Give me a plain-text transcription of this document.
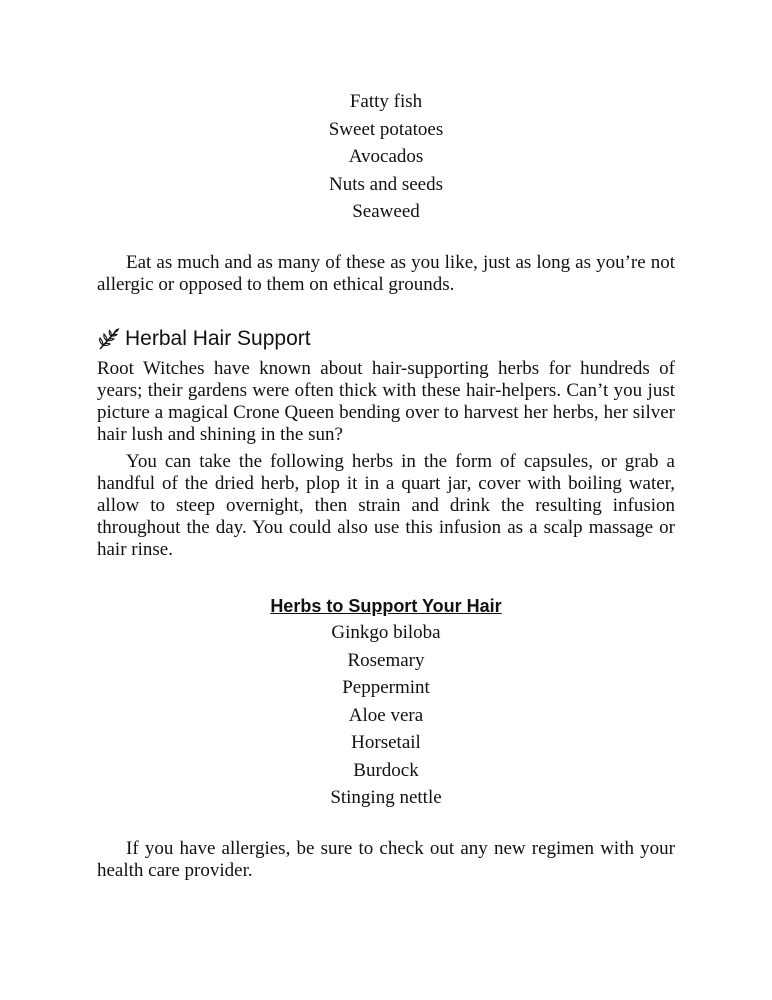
Fatty fish
Sweet potatoes
Avocados
Nuts and seeds
Seaweed

Eat as much and as many of these as you like, just as long as you’re not allergic or opposed to them on ethical grounds.

Herbal Hair Support

Root Witches have known about hair-supporting herbs for hundreds of years; their gardens were often thick with these hair-helpers. Can’t you just picture a magical Crone Queen bending over to harvest her herbs, her silver hair lush and shining in the sun?

You can take the following herbs in the form of capsules, or grab a handful of the dried herb, plop it in a quart jar, cover with boiling water, allow to steep overnight, then strain and drink the resulting infusion throughout the day. You could also use this infusion as a scalp massage or hair rinse.

Herbs to Support Your Hair
Ginkgo biloba
Rosemary
Peppermint
Aloe vera
Horsetail
Burdock
Stinging nettle

If you have allergies, be sure to check out any new regimen with your health care provider.
